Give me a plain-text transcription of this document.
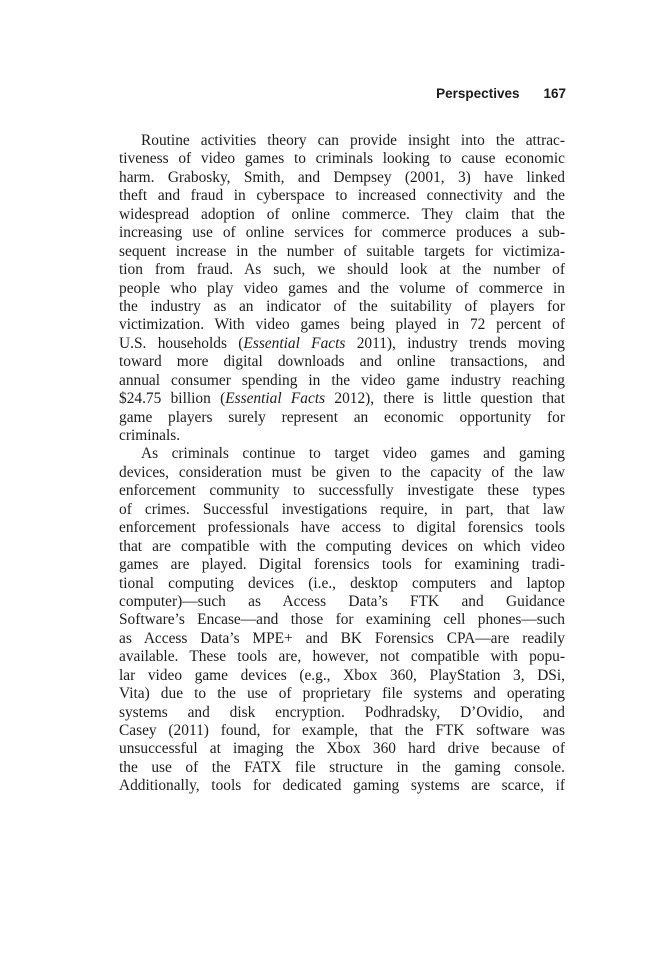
Perspectives 167
Routine activities theory can provide insight into the attrac-
tiveness of video games to criminals looking to cause economic
harm. Grabosky, Smith, and Dempsey (2001, 3) have linked
theft and fraud in cyberspace to increased connectivity and the
widespread adoption of online commerce. They claim that the
increasing use of online services for commerce produces a sub-
sequent increase in the number of suitable targets for victimiza-
tion from fraud. As such, we should look at the number of
people who play video games and the volume of commerce in
the industry as an indicator of the suitability of players for
victimization. With video games being played in 72 percent of
U.S. households (Essential Facts 2011), industry trends moving
toward more digital downloads and online transactions, and
annual consumer spending in the video game industry reaching
$24.75 billion (Essential Facts 2012), there is little question that
game players surely represent an economic opportunity for
criminals.
As criminals continue to target video games and gaming
devices, consideration must be given to the capacity of the law
enforcement community to successfully investigate these types
of crimes. Successful investigations require, in part, that law
enforcement professionals have access to digital forensics tools
that are compatible with the computing devices on which video
games are played. Digital forensics tools for examining tradi-
tional computing devices (i.e., desktop computers and laptop
computer)—such as Access Data’s FTK and Guidance
Software’s Encase—and those for examining cell phones—such
as Access Data’s MPE+ and BK Forensics CPA—are readily
available. These tools are, however, not compatible with popu-
lar video game devices (e.g., Xbox 360, PlayStation 3, DSi,
Vita) due to the use of proprietary file systems and operating
systems and disk encryption. Podhradsky, D’Ovidio, and
Casey (2011) found, for example, that the FTK software was
unsuccessful at imaging the Xbox 360 hard drive because of
the use of the FATX file structure in the gaming console.
Additionally, tools for dedicated gaming systems are scarce, if
